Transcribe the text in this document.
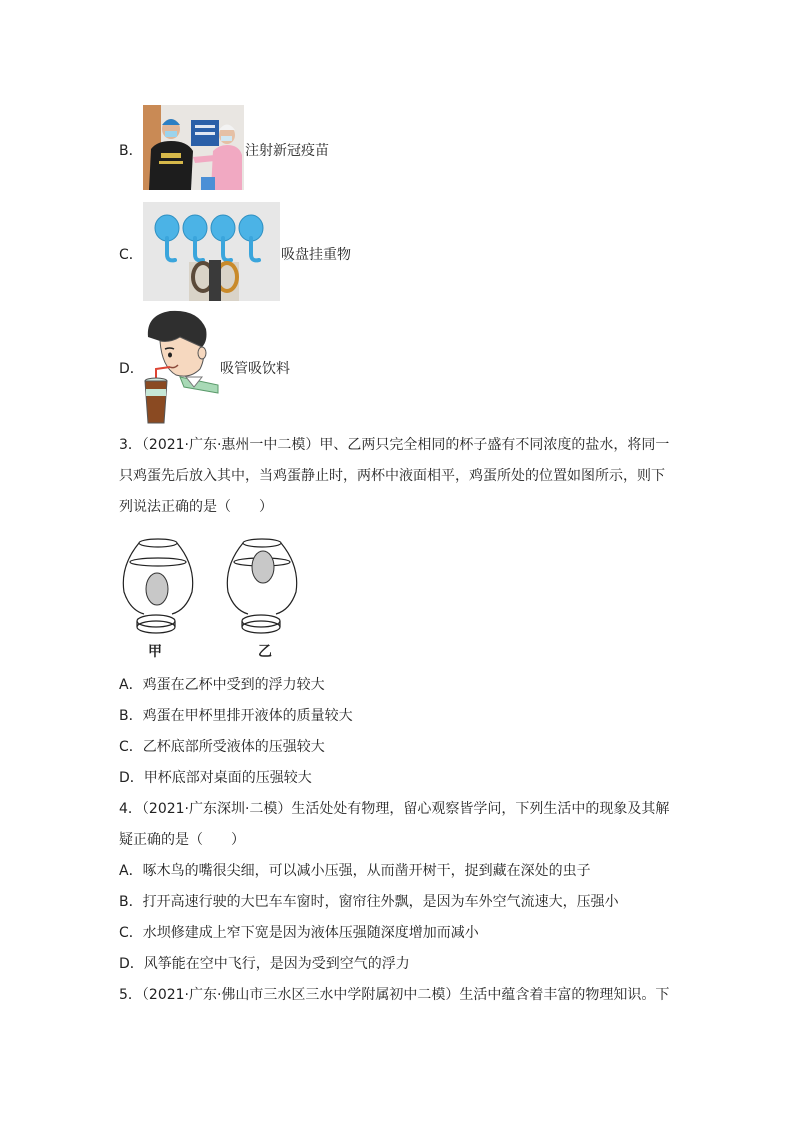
B．	注射新冠疫苗
C．	吸盘挂重物
D．	吸管吸饮料
3．（2021·广东·惠州一中二模）甲、乙两只完全相同的杯子盛有不同浓度的盐水，将同一
只鸡蛋先后放入其中，当鸡蛋静止时，两杯中液面相平，鸡蛋所处的位置如图所示，则下
列说法正确的是（　　）
甲	乙
A．鸡蛋在乙杯中受到的浮力较大
B．鸡蛋在甲杯里排开液体的质量较大
C．乙杯底部所受液体的压强较大
D．甲杯底部对桌面的压强较大
4．（2021·广东深圳·二模）生活处处有物理，留心观察皆学问，下列生活中的现象及其解
疑正确的是（　　）
A．啄木鸟的嘴很尖细，可以减小压强，从而凿开树干，捉到藏在深处的虫子
B．打开高速行驶的大巴车车窗时，窗帘往外飘，是因为车外空气流速大，压强小
C．水坝修建成上窄下宽是因为液体压强随深度增加而减小
D．风筝能在空中飞行，是因为受到空气的浮力
5．（2021·广东·佛山市三水区三水中学附属初中二模）生活中蕴含着丰富的物理知识。下
